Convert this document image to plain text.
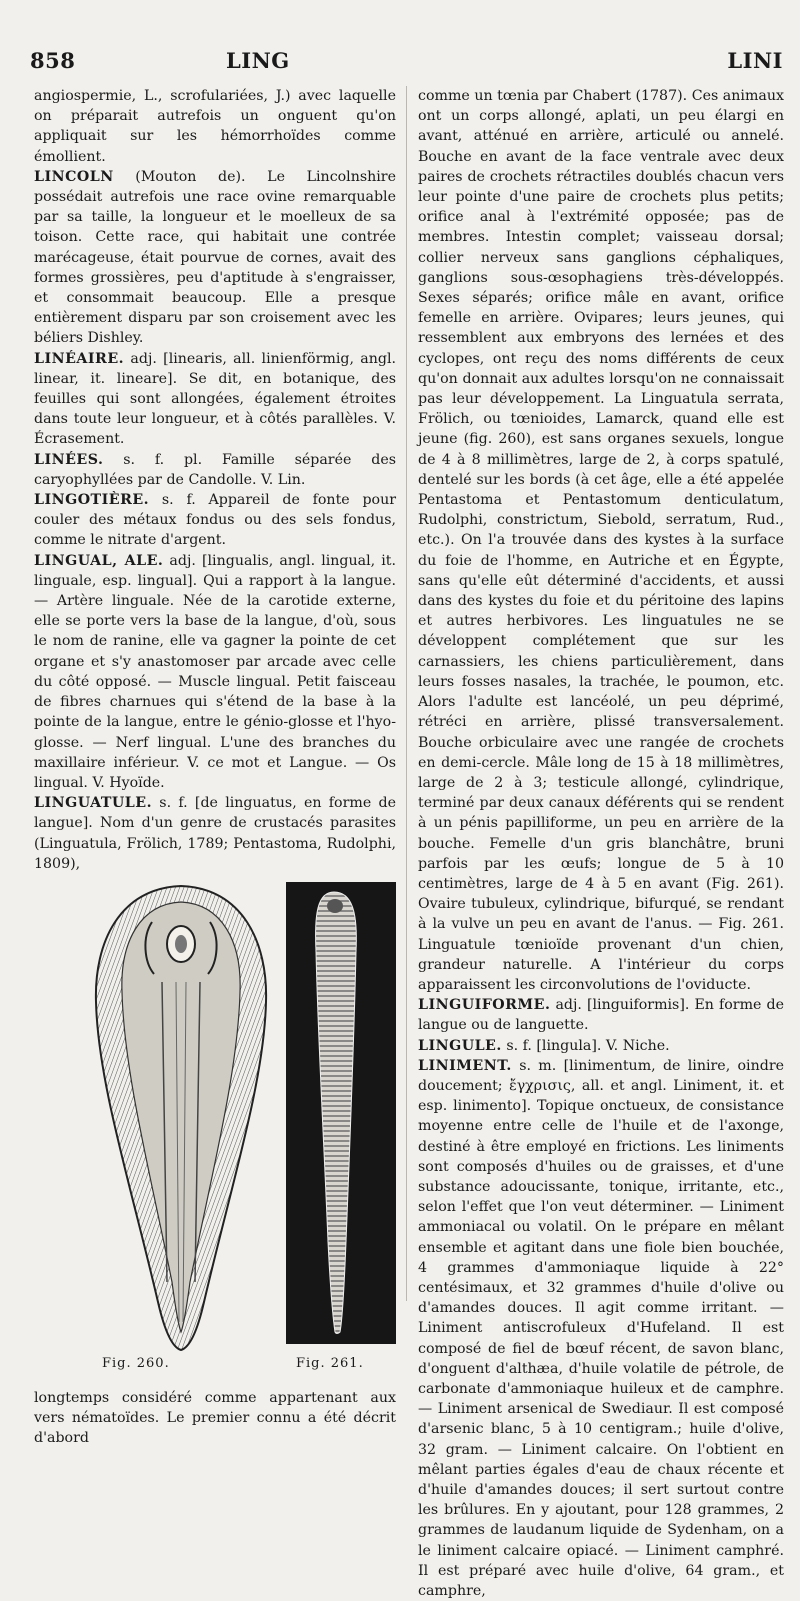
858	LING	LINI

angiospermie, L., scrofulariées, J.) avec laquelle on préparait autrefois un onguent qu'on appliquait sur les hémorrhoïdes comme émollient.

LINCOLN (Mouton de). Le Lincolnshire possédait autrefois une race ovine remarquable par sa taille, la longueur et le moelleux de sa toison. Cette race, qui habitait une contrée marécageuse, était pourvue de cornes, avait des formes grossières, peu d'aptitude à s'engraisser, et consommait beaucoup. Elle a presque entièrement disparu par son croisement avec les béliers Dishley.

LINÉAIRE. adj. [linearis, all. linienförmig, angl. linear, it. lineare]. Se dit, en botanique, des feuilles qui sont allongées, également étroites dans toute leur longueur, et à côtés parallèles. V. Écrasement.

LINÉES. s. f. pl. Famille séparée des caryophyllées par de Candolle. V. Lin.

LINGOTIÈRE. s. f. Appareil de fonte pour couler des métaux fondus ou des sels fondus, comme le nitrate d'argent.

LINGUAL, ALE. adj. [lingualis, angl. lingual, it. linguale, esp. lingual]. Qui a rapport à la langue. — Artère linguale. Née de la carotide externe, elle se porte vers la base de la langue, d'où, sous le nom de ranine, elle va gagner la pointe de cet organe et s'y anastomoser par arcade avec celle du côté opposé. — Muscle lingual. Petit faisceau de fibres charnues qui s'étend de la base à la pointe de la langue, entre le génio-glosse et l'hyo-glosse. — Nerf lingual. L'une des branches du maxillaire inférieur. V. ce mot et Langue. — Os lingual. V. Hyoïde.

LINGUATULE. s. f. [de linguatus, en forme de langue]. Nom d'un genre de crustacés parasites (Linguatula, Frölich, 1789; Pentastoma, Rudolphi, 1809),

Fig. 260.	Fig. 261.

longtemps considéré comme appartenant aux vers nématoïdes. Le premier connu a été décrit d'abord

comme un tœnia par Chabert (1787). Ces animaux ont un corps allongé, aplati, un peu élargi en avant, atténué en arrière, articulé ou annelé. Bouche en avant de la face ventrale avec deux paires de crochets rétractiles doublés chacun vers leur pointe d'une paire de crochets plus petits; orifice anal à l'extrémité opposée; pas de membres. Intestin complet; vaisseau dorsal; collier nerveux sans ganglions céphaliques, ganglions sous-œsophagiens très-développés. Sexes séparés; orifice mâle en avant, orifice femelle en arrière. Ovipares; leurs jeunes, qui ressemblent aux embryons des lernées et des cyclopes, ont reçu des noms différents de ceux qu'on donnait aux adultes lorsqu'on ne connaissait pas leur développement. La Linguatula serrata, Frölich, ou tœnioides, Lamarck, quand elle est jeune (fig. 260), est sans organes sexuels, longue de 4 à 8 millimètres, large de 2, à corps spatulé, dentelé sur les bords (à cet âge, elle a été appelée Pentastoma et Pentastomum denticulatum, Rudolphi, constrictum, Siebold, serratum, Rud., etc.). On l'a trouvée dans des kystes à la surface du foie de l'homme, en Autriche et en Égypte, sans qu'elle eût déterminé d'accidents, et aussi dans des kystes du foie et du péritoine des lapins et autres herbivores. Les linguatules ne se développent complétement que sur les carnassiers, les chiens particulièrement, dans leurs fosses nasales, la trachée, le poumon, etc. Alors l'adulte est lancéolé, un peu déprimé, rétréci en arrière, plissé transversalement. Bouche orbiculaire avec une rangée de crochets en demi-cercle. Mâle long de 15 à 18 millimètres, large de 2 à 3; testicule allongé, cylindrique, terminé par deux canaux déférents qui se rendent à un pénis papilliforme, un peu en arrière de la bouche. Femelle d'un gris blanchâtre, bruni parfois par les œufs; longue de 5 à 10 centimètres, large de 4 à 5 en avant (Fig. 261). Ovaire tubuleux, cylindrique, bifurqué, se rendant à la vulve un peu en avant de l'anus. — Fig. 261. Linguatule tœnioïde provenant d'un chien, grandeur naturelle. A l'intérieur du corps apparaissent les circonvolutions de l'oviducte.

LINGUIFORME. adj. [linguiformis]. En forme de langue ou de languette.

LINGULE. s. f. [lingula]. V. Niche.

LINIMENT. s. m. [linimentum, de linire, oindre doucement; ἔγχρισις, all. et angl. Liniment, it. et esp. linimento]. Topique onctueux, de consistance moyenne entre celle de l'huile et de l'axonge, destiné à être employé en frictions. Les liniments sont composés d'huiles ou de graisses, et d'une substance adoucissante, tonique, irritante, etc., selon l'effet que l'on veut déterminer. — Liniment ammoniacal ou volatil. On le prépare en mêlant ensemble et agitant dans une fiole bien bouchée, 4 grammes d'ammoniaque liquide à 22° centésimaux, et 32 grammes d'huile d'olive ou d'amandes douces. Il agit comme irritant. — Liniment antiscrofuleux d'Hufeland. Il est composé de fiel de bœuf récent, de savon blanc, d'onguent d'althæa, d'huile volatile de pétrole, de carbonate d'ammoniaque huileux et de camphre. — Liniment arsenical de Swediaur. Il est composé d'arsenic blanc, 5 à 10 centigram.; huile d'olive, 32 gram. — Liniment calcaire. On l'obtient en mêlant parties égales d'eau de chaux récente et d'huile d'amandes douces; il sert surtout contre les brûlures. En y ajoutant, pour 128 grammes, 2 grammes de laudanum liquide de Sydenham, on a le liniment calcaire opiacé. — Liniment camphré. Il est préparé avec huile d'olive, 64 gram., et camphre,
